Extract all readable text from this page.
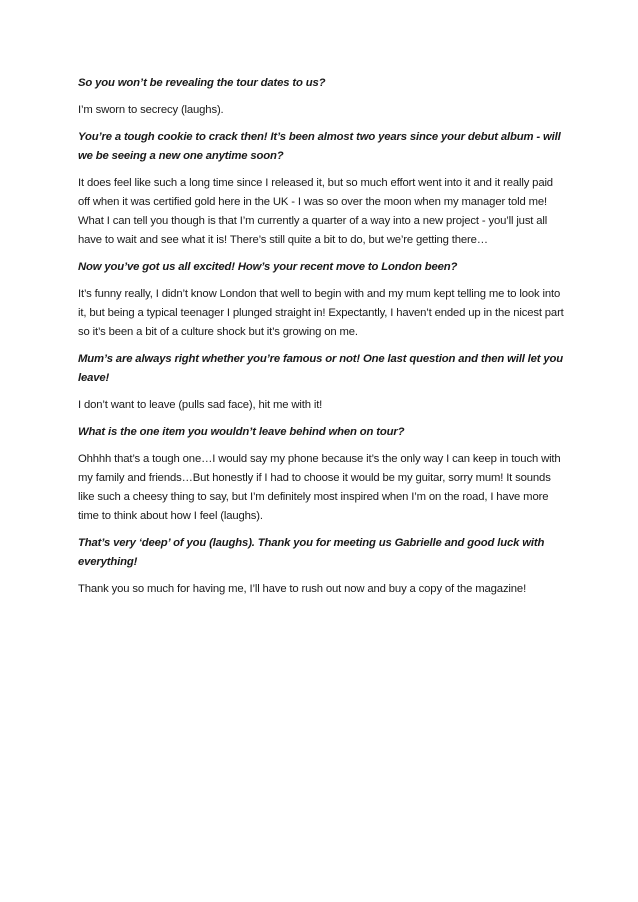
So you won’t be revealing the tour dates to us?

I’m sworn to secrecy (laughs).

You’re a tough cookie to crack then! It’s been almost two years since your debut album - will we be seeing a new one anytime soon?

It does feel like such a long time since I released it, but so much effort went into it and it really paid off when it was certified gold here in the UK - I was so over the moon when my manager told me! What I can tell you though is that I’m currently a quarter of a way into a new project - you’ll just all have to wait and see what it is! There’s still quite a bit to do, but we’re getting there…

Now you’ve got us all excited! How’s your recent move to London been?

It’s funny really, I didn’t know London that well to begin with and my mum kept telling me to look into it, but being a typical teenager I plunged straight in! Expectantly, I haven’t ended up in the nicest part so it’s been a bit of a culture shock but it’s growing on me.

Mum’s are always right whether you’re famous or not! One last question and then will let you leave!

I don’t want to leave (pulls sad face), hit me with it!

What is the one item you wouldn’t leave behind when on tour?

Ohhhh that’s a tough one…I would say my phone because it’s the only way I can keep in touch with my family and friends…But honestly if I had to choose it would be my guitar, sorry mum! It sounds like such a cheesy thing to say, but I’m definitely most inspired when I’m on the road, I have more time to think about how I feel (laughs).

That’s very ‘deep’ of you (laughs). Thank you for meeting us Gabrielle and good luck with everything!

Thank you so much for having me, I’ll have to rush out now and buy a copy of the magazine!
